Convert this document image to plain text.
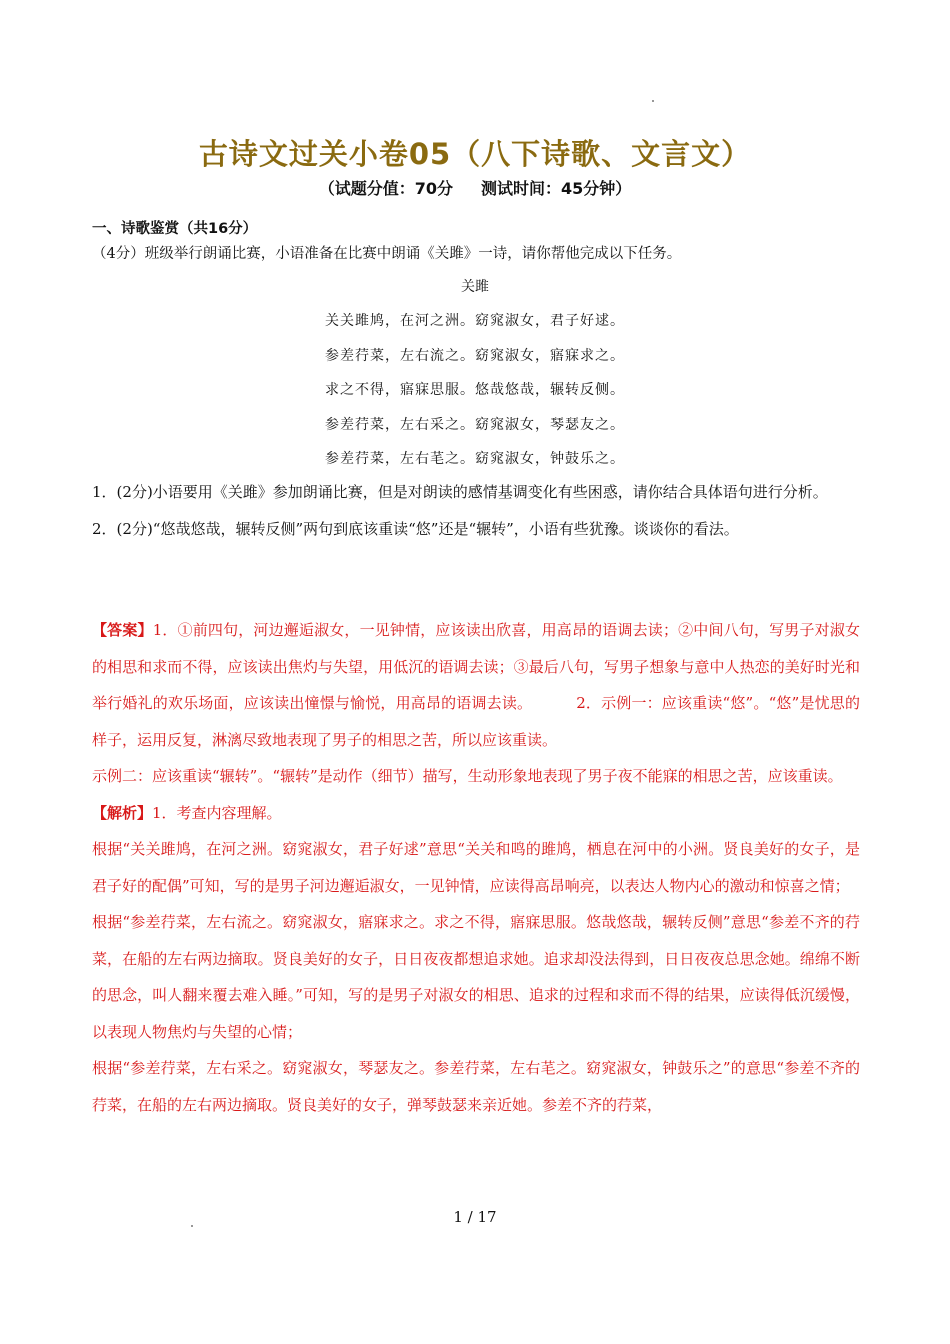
古诗文过关小卷05（八下诗歌、文言文）
（试题分值：70分 测试时间：45分钟）
一、诗歌鉴赏（共16分）
（4分）班级举行朗诵比赛，小语准备在比赛中朗诵《关雎》一诗，请你帮他完成以下任务。
关雎
关关雎鸠，在河之洲。窈窕淑女，君子好逑。
参差荇菜，左右流之。窈窕淑女，寤寐求之。
求之不得，寤寐思服。悠哉悠哉，辗转反侧。
参差荇菜，左右采之。窈窕淑女，琴瑟友之。
参差荇菜，左右芼之。窈窕淑女，钟鼓乐之。
1．(2分)小语要用《关雎》参加朗诵比赛，但是对朗读的感情基调变化有些困惑，请你结合具体语句进行分析。
2．(2分)“悠哉悠哉，辗转反侧”两句到底该重读“悠”还是“辗转”，小语有些犹豫。谈谈你的看法。

【答案】1．①前四句，河边邂逅淑女，一见钟情，应该读出欣喜，用高昂的语调去读；②中间八句，写男子对淑女的相思和求而不得，应该读出焦灼与失望，用低沉的语调去读；③最后八句，写男子想象与意中人热恋的美好时光和举行婚礼的欢乐场面，应该读出憧憬与愉悦，用高昂的语调去读。	2．示例一：应该重读“悠”。“悠”是忧思的样子，运用反复，淋漓尽致地表现了男子的相思之苦，所以应该重读。

示例二：应该重读“辗转”。“辗转”是动作（细节）描写，生动形象地表现了男子夜不能寐的相思之苦，应该重读。

【解析】1．考查内容理解。

根据“关关雎鸠，在河之洲。窈窕淑女，君子好逑”意思“关关和鸣的雎鸠，栖息在河中的小洲。贤良美好的女子，是君子好的配偶”可知，写的是男子河边邂逅淑女，一见钟情，应读得高昂响亮，以表达人物内心的激动和惊喜之情；

根据“参差荇菜，左右流之。窈窕淑女，寤寐求之。求之不得，寤寐思服。悠哉悠哉，辗转反侧”意思“参差不齐的荇菜，在船的左右两边摘取。贤良美好的女子，日日夜夜都想追求她。追求却没法得到，日日夜夜总思念她。绵绵不断的思念，叫人翻来覆去难入睡。”可知，写的是男子对淑女的相思、追求的过程和求而不得的结果，应读得低沉缓慢，以表现人物焦灼与失望的心情；

根据“参差荇菜，左右采之。窈窕淑女，琴瑟友之。参差荇菜，左右芼之。窈窕淑女，钟鼓乐之”的意思“参差不齐的荇菜，在船的左右两边摘取。贤良美好的女子，弹琴鼓瑟来亲近她。参差不齐的荇菜，

1 / 17
